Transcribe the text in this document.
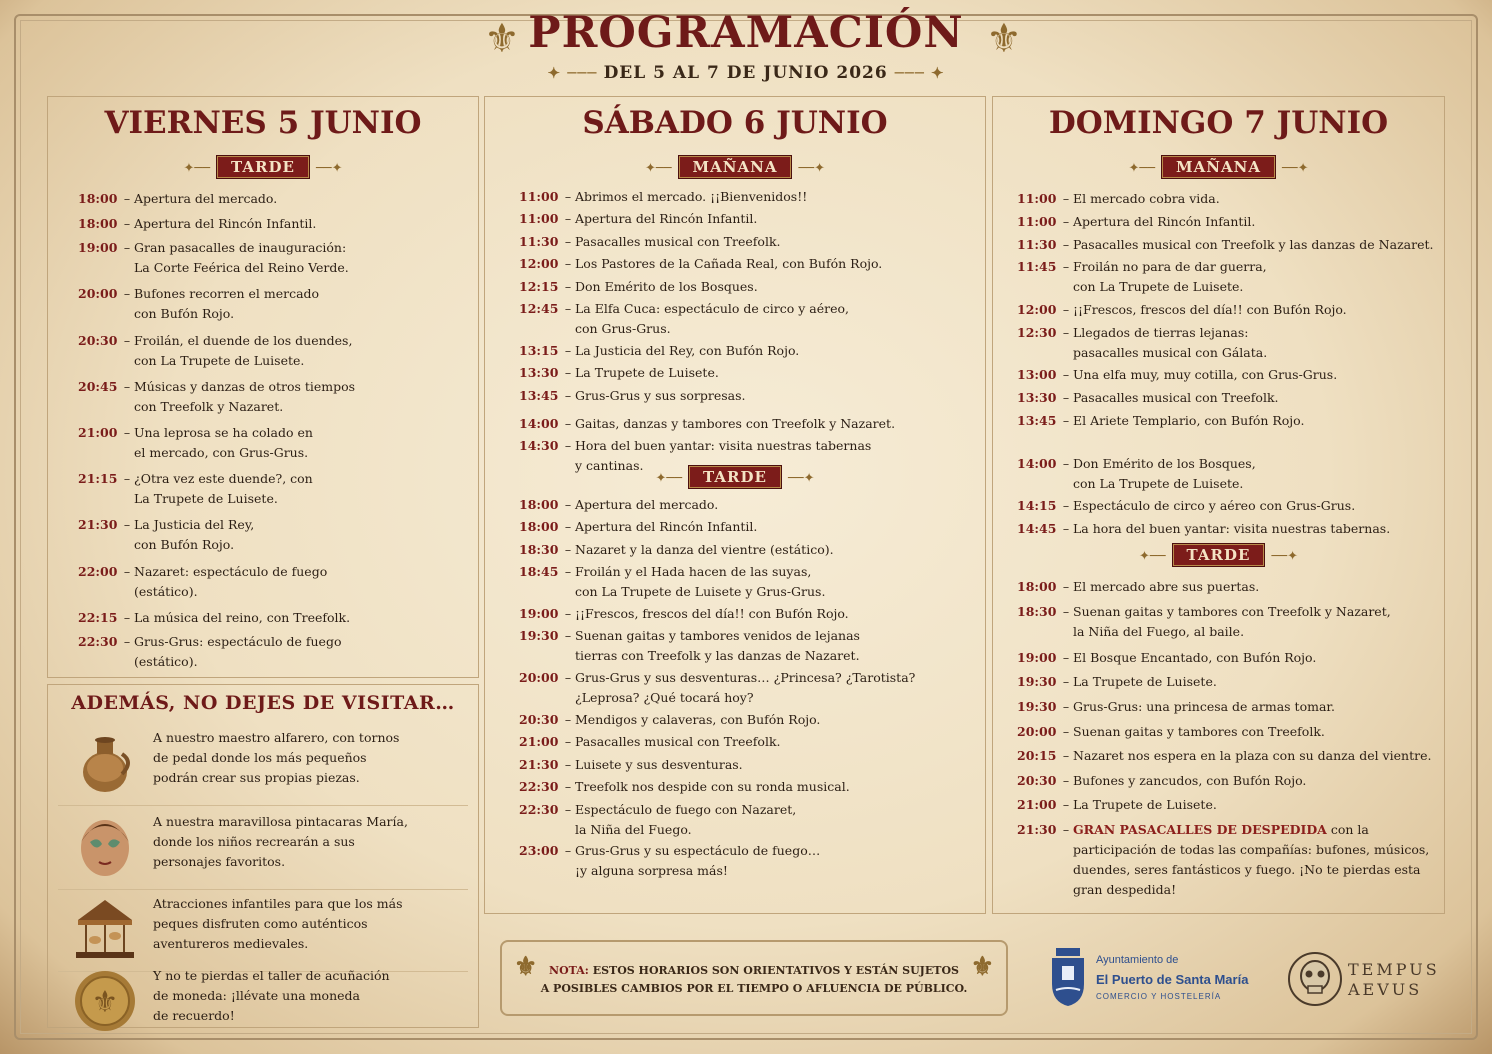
⚜ PROGRAMACIÓN ⚜
✦ ─── DEL 5 AL 7 DE JUNIO 2026 ─── ✦
VIERNES 5 JUNIO
✦── TARDE ──✦
18:00 – Apertura del mercado.
18:00 – Apertura del Rincón Infantil.
19:00 – Gran pasacalles de inauguración:
La Corte Feérica del Reino Verde.
20:00 – Bufones recorren el mercado
con Bufón Rojo.
20:30 – Froilán, el duende de los duendes,
con La Trupete de Luisete.
20:45 – Músicas y danzas de otros tiempos
con Treefolk y Nazaret.
21:00 – Una leprosa se ha colado en
el mercado, con Grus-Grus.
21:15 – ¿Otra vez este duende?, con
La Trupete de Luisete.
21:30 – La Justicia del Rey,
con Bufón Rojo.
22:00 – Nazaret: espectáculo de fuego
(estático).
22:15 – La música del reino, con Treefolk.
22:30 – Grus-Grus: espectáculo de fuego
(estático).
SÁBADO 6 JUNIO
✦── MAÑANA ──✦
11:00 – Abrimos el mercado. ¡¡Bienvenidos!!
11:00 – Apertura del Rincón Infantil.
11:30 – Pasacalles musical con Treefolk.
12:00 – Los Pastores de la Cañada Real, con Bufón Rojo.
12:15 – Don Emérito de los Bosques.
12:45 – La Elfa Cuca: espectáculo de circo y aéreo,
con Grus-Grus.
13:15 – La Justicia del Rey, con Bufón Rojo.
13:30 – La Trupete de Luisete.
13:45 – Grus-Grus y sus sorpresas.
14:00 – Gaitas, danzas y tambores con Treefolk y Nazaret.
14:30 – Hora del buen yantar: visita nuestras tabernas
y cantinas.
✦── TARDE ──✦
18:00 – Apertura del mercado.
18:00 – Apertura del Rincón Infantil.
18:30 – Nazaret y la danza del vientre (estático).
18:45 – Froilán y el Hada hacen de las suyas,
con La Trupete de Luisete y Grus-Grus.
19:00 – ¡¡Frescos, frescos del día!! con Bufón Rojo.
19:30 – Suenan gaitas y tambores venidos de lejanas
tierras con Treefolk y las danzas de Nazaret.
20:00 – Grus-Grus y sus desventuras… ¿Princesa? ¿Tarotista?
¿Leprosa? ¿Qué tocará hoy?
20:30 – Mendigos y calaveras, con Bufón Rojo.
21:00 – Pasacalles musical con Treefolk.
21:30 – Luisete y sus desventuras.
22:30 – Treefolk nos despide con su ronda musical.
22:30 – Espectáculo de fuego con Nazaret,
la Niña del Fuego.
23:00 – Grus-Grus y su espectáculo de fuego…
¡y alguna sorpresa más!
DOMINGO 7 JUNIO
✦── MAÑANA ──✦
11:00 – El mercado cobra vida.
11:00 – Apertura del Rincón Infantil.
11:30 – Pasacalles musical con Treefolk y las danzas de Nazaret.
11:45 – Froilán no para de dar guerra,
con La Trupete de Luisete.
12:00 – ¡¡Frescos, frescos del día!! con Bufón Rojo.
12:30 – Llegados de tierras lejanas:
pasacalles musical con Gálata.
13:00 – Una elfa muy, muy cotilla, con Grus-Grus.
13:30 – Pasacalles musical con Treefolk.
13:45 – El Ariete Templario, con Bufón Rojo.
14:00 – Don Emérito de los Bosques,
con La Trupete de Luisete.
14:15 – Espectáculo de circo y aéreo con Grus-Grus.
14:45 – La hora del buen yantar: visita nuestras tabernas.
✦── TARDE ──✦
18:00 – El mercado abre sus puertas.
18:30 – Suenan gaitas y tambores con Treefolk y Nazaret,
la Niña del Fuego, al baile.
19:00 – El Bosque Encantado, con Bufón Rojo.
19:30 – La Trupete de Luisete.
19:30 – Grus-Grus: una princesa de armas tomar.
20:00 – Suenan gaitas y tambores con Treefolk.
20:15 – Nazaret nos espera en la plaza con su danza del vientre.
20:30 – Bufones y zancudos, con Bufón Rojo.
21:00 – La Trupete de Luisete.
21:30 – GRAN PASACALLES DE DESPEDIDA con la
participación de todas las compañías: bufones, músicos,
duendes, seres fantásticos y fuego. ¡No te pierdas esta
gran despedida!
ADEMÁS, NO DEJES DE VISITAR…
A nuestro maestro alfarero, con tornos
de pedal donde los más pequeños
podrán crear sus propias piezas.
A nuestra maravillosa pintacaras María,
donde los niños recrearán a sus
personajes favoritos.
Atracciones infantiles para que los más
peques disfruten como auténticos
aventureros medievales.
⚜
Y no te pierdas el taller de acuñación
de moneda: ¡llévate una moneda
de recuerdo!
⚜ NOTA: ESTOS HORARIOS SON ORIENTATIVOS Y ESTÁN SUJETOS
A POSIBLES CAMBIOS POR EL TIEMPO O AFLUENCIA DE PÚBLICO.
⚜	Ayuntamiento de
El Puerto de Santa María
COMERCIO Y HOSTELERÍA
TEMPUS
AEVUS
